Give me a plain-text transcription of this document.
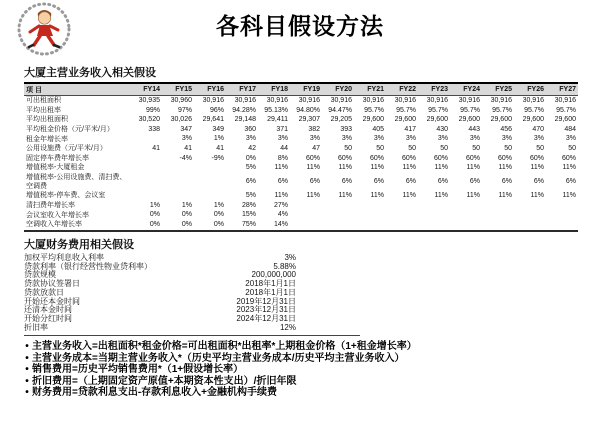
各科目假设方法
大厦主营业务收入相关假设
项 目	FY14	FY15	FY16	FY17	FY18	FY19	FY20	FY21	FY22	FY23	FY24	FY25	FY26	FY27
可出租面积	30,935	30,960	30,916	30,916	30,916	30,916	30,916	30,916	30,916	30,916	30,916	30,916	30,916	30,916
平均出租率	99%	97%	96%	94.28%	95.13%	94.80%	94.47%	95.7%	95.7%	95.7%	95.7%	95.7%	95.7%	95.7%
平均出租面积	30,520	30,026	29,641	29,148	29,411	29,307	29,205	29,600	29,600	29,600	29,600	29,600	29,600	29,600
平均租金价格（元/平米/月）	338	347	349	360	371	382	393	405	417	430	443	456	470	484
租金年增长率		3%	1%	3%	3%	3%	3%	3%	3%	3%	3%	3%	3%	3%
公用设施费（元/平米/月）	41	41	41	42	44	47	50	50	50	50	50	50	50	50
固定停车费年增长率		-4%	-9%	0%	8%	60%	60%	60%	60%	60%	60%	60%	60%	60%
增值税率-大厦租金				5%	11%	11%	11%	11%	11%	11%	11%	11%	11%	11%
增值税率-公用设施费、清扫费、空调费				6%	6%	6%	6%	6%	6%	6%	6%	6%	6%	6%
增值税率-停车费、会议室				5%	11%	11%	11%	11%	11%	11%	11%	11%	11%	11%
清扫费年增长率	1%	1%	1%	28%	27%									
会议室收入年增长率	0%	0%	0%	15%	4%									
空调收入年增长率	0%	0%	0%	75%	14%									
大厦财务费用相关假设
加权平均利息收入利率	3%
贷款利率（银行经营性物业贷利率）	5.88%
贷款规模	200,000,000
贷款协议签署日	2018年1月1日
贷款放款日	2018年1月1日
开始还本金时间	2019年12月31日
还清本金时间	2023年12月31日
开始分红时间	2024年12月31日
折旧率	12%
• 主营业务收入=出租面积*租金价格=可出租面积*出租率*上期租金价格（1+租金增长率）
• 主营业务成本=当期主营业务收入*（历史平均主营业务成本/历史平均主营业务收入）
• 销售费用=历史平均销售费用*（1+假设增长率）
• 折旧费用=（上期固定资产原值+本期资本性支出）/折旧年限
• 财务费用=贷款利息支出-存款利息收入+金融机构手续费
